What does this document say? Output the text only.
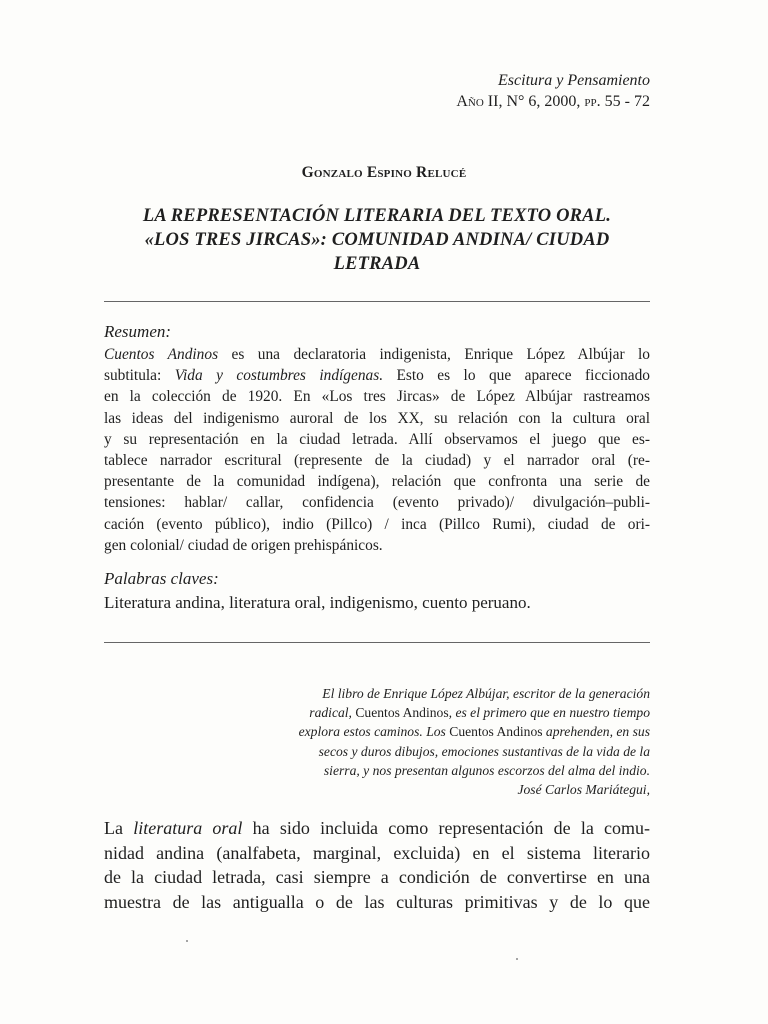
Escitura y Pensamiento
Año II, N° 6, 2000, pp. 55 - 72
Gonzalo Espino Relucé
LA REPRESENTACIÓN LITERARIA DEL TEXTO ORAL.
«LOS TRES JIRCAS»: COMUNIDAD ANDINA/ CIUDAD
LETRADA
Resumen:
Cuentos Andinos es una declaratoria indigenista, Enrique López Albújar lo
subtitula: Vida y costumbres indígenas. Esto es lo que aparece ficcionado
en la colección de 1920. En «Los tres Jircas» de López Albújar rastreamos
las ideas del indigenismo auroral de los XX, su relación con la cultura oral
y su representación en la ciudad letrada. Allí observamos el juego que es-
tablece narrador escritural (represente de la ciudad) y el narrador oral (re-
presentante de la comunidad indígena), relación que confronta una serie de
tensiones: hablar/ callar, confidencia (evento privado)/ divulgación–publi-
cación (evento público), indio (Pillco) / inca (Pillco Rumi), ciudad de ori-
gen colonial/ ciudad de origen prehispánicos.
Palabras claves:
Literatura andina, literatura oral, indigenismo, cuento peruano.
El libro de Enrique López Albújar, escritor de la generación
radical, Cuentos Andinos, es el primero que en nuestro tiempo
explora estos caminos. Los Cuentos Andinos aprehenden, en sus
secos y duros dibujos, emociones sustantivas de la vida de la
sierra, y nos presentan algunos escorzos del alma del indio.
José Carlos Mariátegui,
La literatura oral ha sido incluida como representación de la comu-
nidad andina (analfabeta, marginal, excluida) en el sistema literario
de la ciudad letrada, casi siempre a condición de convertirse en una
muestra de las antigualla o de las culturas primitivas y de lo que
